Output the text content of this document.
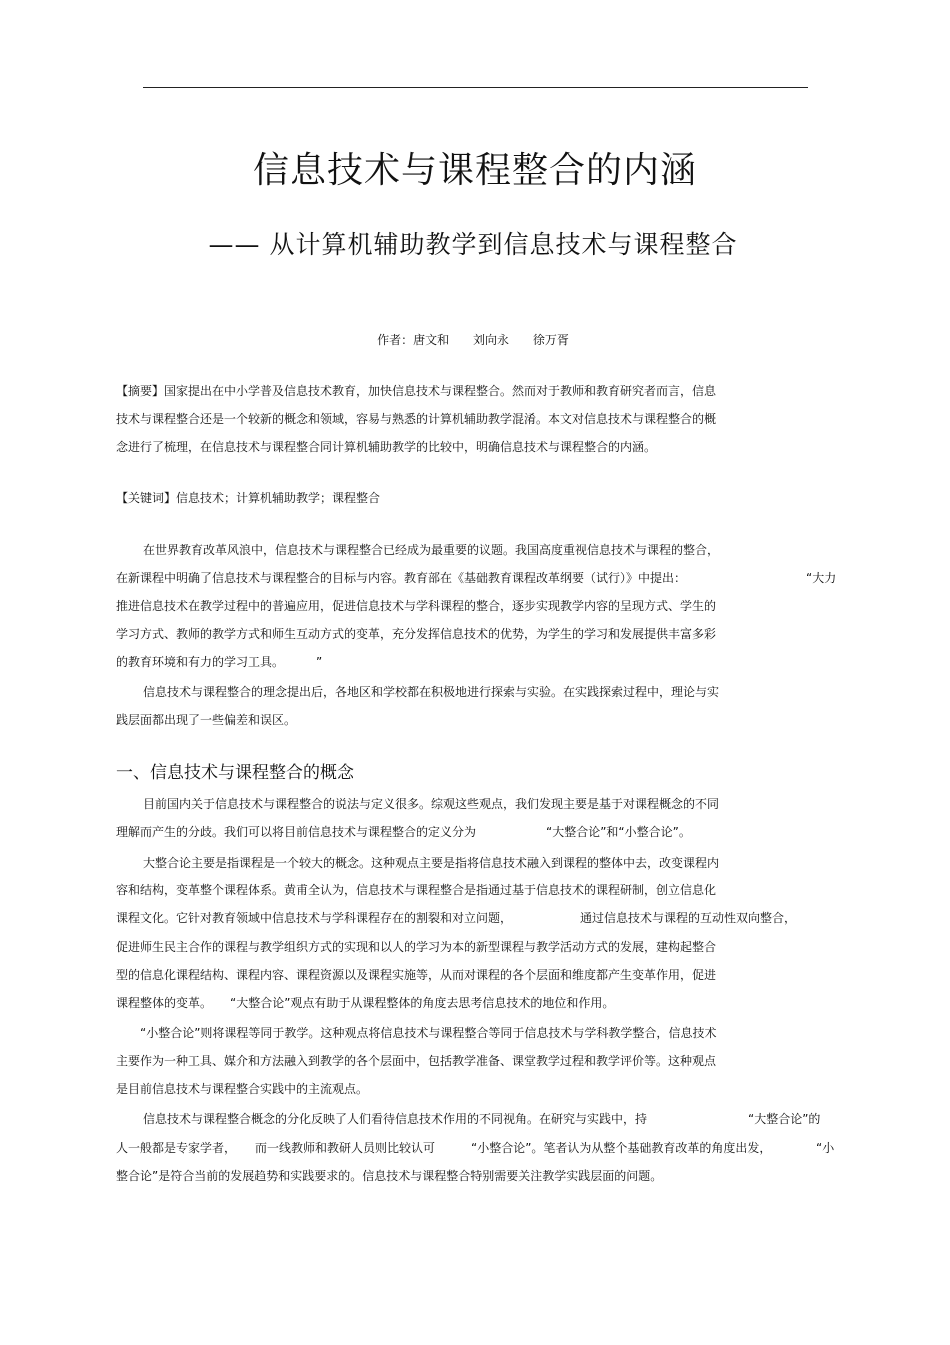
信息技术与课程整合的内涵
—— 从计算机辅助教学到信息技术与课程整合
作者：唐文和 刘向永 徐万胥
【摘要】国家提出在中小学普及信息技术教育，加快信息技术与课程整合。然而对于教师和教育研究者而言，信息
技术与课程整合还是一个较新的概念和领域，容易与熟悉的计算机辅助教学混淆。本文对信息技术与课程整合的概
念进行了梳理，在信息技术与课程整合同计算机辅助教学的比较中，明确信息技术与课程整合的内涵。
【关键词】信息技术；计算机辅助教学；课程整合
在世界教育改革风浪中，信息技术与课程整合已经成为最重要的议题。我国高度重视信息技术与课程的整合，
在新课程中明确了信息技术与课程整合的目标与内容。教育部在《基础教育课程改革纲要（试行）》中提出：	“大力
推进信息技术在教学过程中的普遍应用，促进信息技术与学科课程的整合，逐步实现教学内容的呈现方式、学生的
学习方式、教师的教学方式和师生互动方式的变革，充分发挥信息技术的优势，为学生的学习和发展提供丰富多彩
的教育环境和有力的学习工具。	”
信息技术与课程整合的理念提出后，各地区和学校都在积极地进行探索与实验。在实践探索过程中，理论与实
践层面都出现了一些偏差和误区。
一、信息技术与课程整合的概念
目前国内关于信息技术与课程整合的说法与定义很多。综观这些观点，我们发现主要是基于对课程概念的不同
理解而产生的分歧。我们可以将目前信息技术与课程整合的定义分为	“大整合论”和“小整合论”。
大整合论主要是指课程是一个较大的概念。这种观点主要是指将信息技术融入到课程的整体中去，改变课程内
容和结构，变革整个课程体系。黄甫全认为，信息技术与课程整合是指通过基于信息技术的课程研制，创立信息化
课程文化。它针对教育领域中信息技术与学科课程存在的割裂和对立问题，	通过信息技术与课程的互动性双向整合，
促进师生民主合作的课程与教学组织方式的实现和以人的学习为本的新型课程与教学活动方式的发展，建构起整合
型的信息化课程结构、课程内容、课程资源以及课程实施等，从而对课程的各个层面和维度都产生变革作用，促进
课程整体的变革。 “大整合论”观点有助于从课程整体的角度去思考信息技术的地位和作用。
“小整合论”则将课程等同于教学。这种观点将信息技术与课程整合等同于信息技术与学科教学整合，信息技术
主要作为一种工具、媒介和方法融入到教学的各个层面中，包括教学准备、课堂教学过程和教学评价等。这种观点
是目前信息技术与课程整合实践中的主流观点。
信息技术与课程整合概念的分化反映了人们看待信息技术作用的不同视角。在研究与实践中，持	“大整合论”的
人一般都是专家学者， 而一线教师和教研人员则比较认可	“小整合论”。笔者认为从整个基础教育改革的角度出发，	“小
整合论”是符合当前的发展趋势和实践要求的。信息技术与课程整合特别需要关注教学实践层面的问题。
